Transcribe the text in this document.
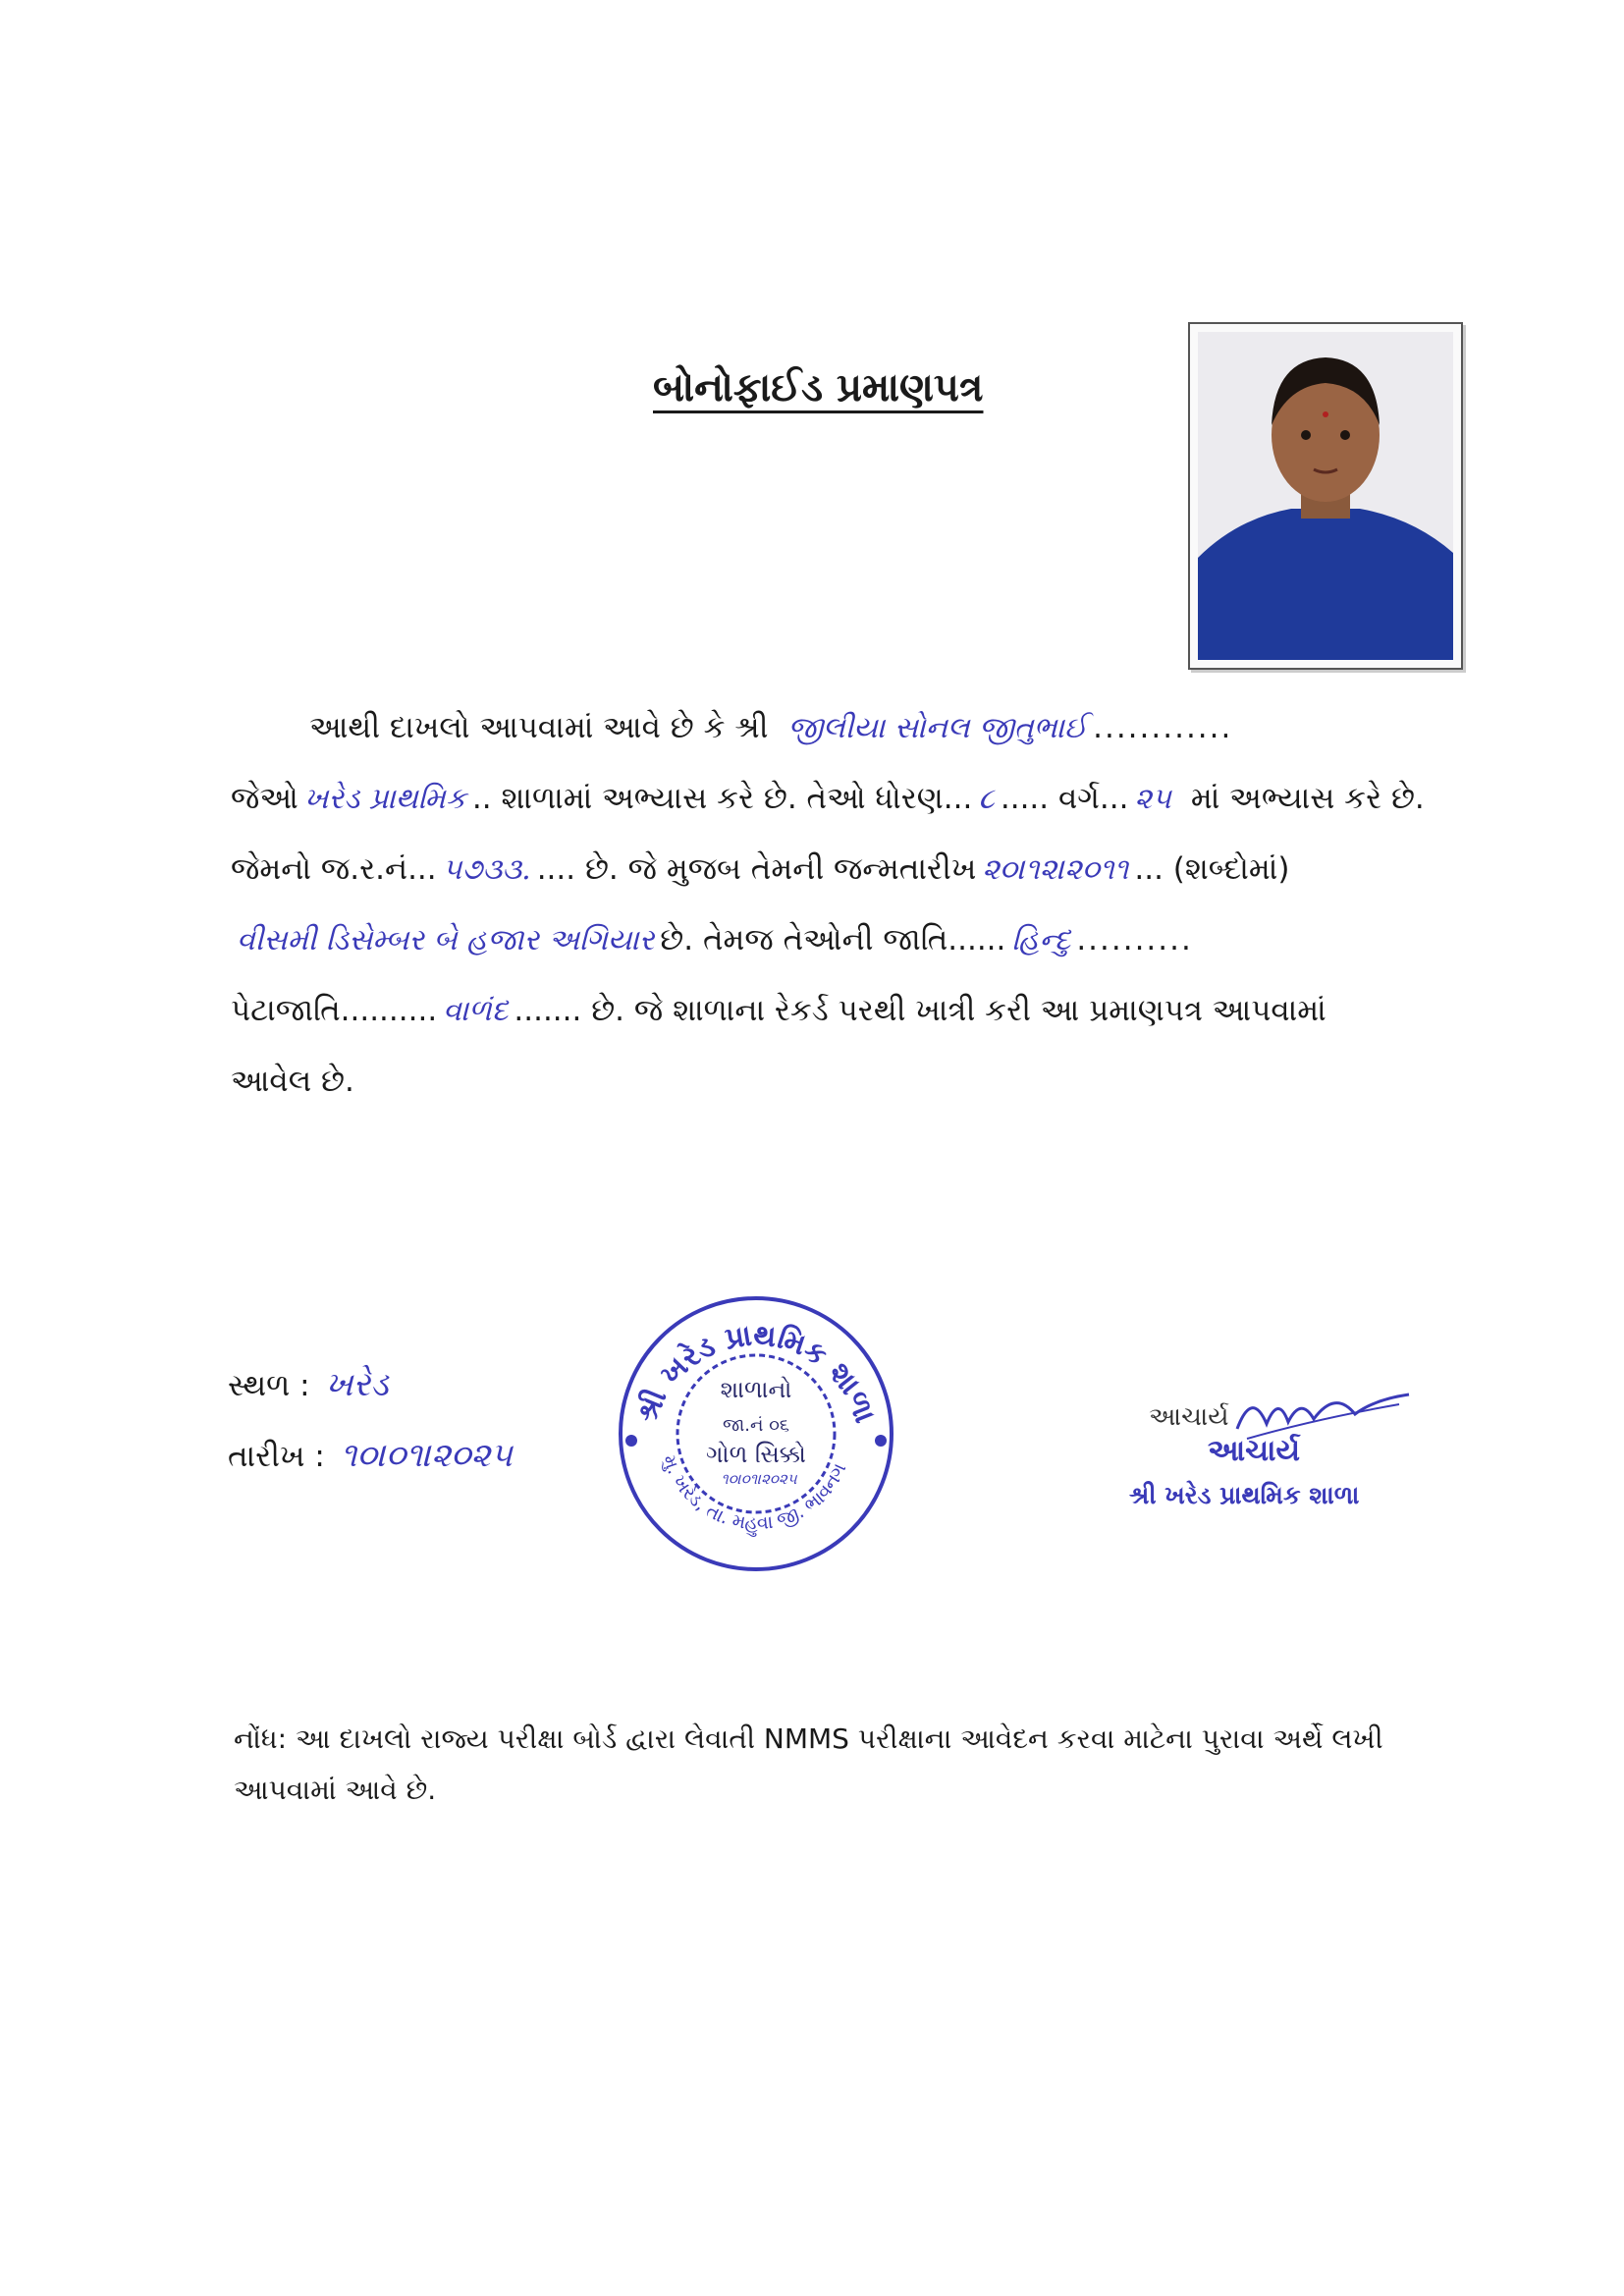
બોનોફાઈડ પ્રમાણપત્ર
આથી દાખલો આપવામાં આવે છે કે શ્રી જીલીયા સોનલ જીતુભાઈ ............
જેઓ ખરેડ પ્રાથમિક .. શાળામાં અભ્યાસ કરે છે. તેઓ ધોરણ... ૮ ..... વર્ગ... ૨૫ માં અભ્યાસ કરે છે.
જેમનો જ.ર.નં... ૫૭૩૩. .... છે. જે મુજબ તેમની જન્મતારીખ ૨૦।૧૨।૨૦૧૧ ... (શબ્દોમાં)
વીસમી ડિસેમ્બર બે હજાર અગિયાર છે. તેમજ તેઓની જાતિ...... હિન્દુ ..........
પેટાજાતિ.......... વાળંદ ....... છે. જે શાળાના રેકર્ડ પરથી ખાત્રી કરી આ પ્રમાણપત્ર આપવામાં
આવેલ છે.
સ્થળ : ખરેડ
તારીખ : ૧૦।૦૧।૨૦૨૫
શ્રી ખરેડ પ્રાથમિક શાળા
મુ. ખરેડ, તા. મહુવા જી. ભાવનગ
શાળાનો
જા.નં ૦૬
ગોળ સિક્કો
૧૦।૦૧।૨૦૨૫
આચાર્ય
આચાર્ય
શ્રી ખરેડ પ્રાથમિક શાળા
નોંધ: આ દાખલો રાજ્ય પરીક્ષા બોર્ડ દ્વારા લેવાતી NMMS પરીક્ષાના આવેદન કરવા માટેના પુરાવા અર્થે લખી આપવામાં આવે છે.
